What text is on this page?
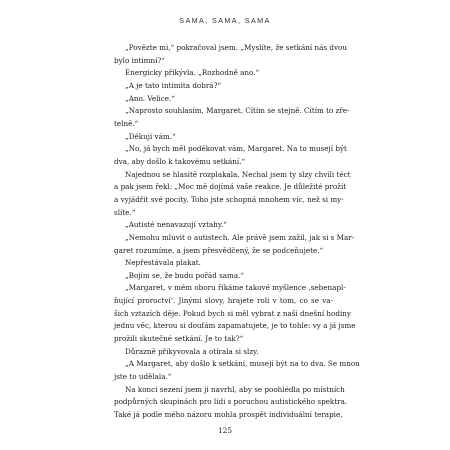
SAMA, SAMA, SAMA
„Povězte mi,“ pokračoval jsem. „Myslíte, že setkání nás dvou
bylo intimní?“
Energicky přikývla. „Rozhodně ano.“
„A je tato intimita dobrá?“
„Ano. Velice.“
„Naprosto souhlasím, Margaret. Cítím se stejně. Cítím to zře-
telně.“
„Děkuji vám.“
„No, já bych měl poděkovat vám, Margaret. Na to musejí být
dva, aby došlo k takovému setkání.“
Najednou se hlasitě rozplakala. Nechal jsem ty slzy chvíli téct
a pak jsem řekl: „Moc mě dojímá vaše reakce. Je důležité prožít
a vyjádřit své pocity. Toho jste schopná mnohem víc, než si my-
slíte.“
„Autisté nenavazují vztahy.“
„Nemohu mluvit o autistech. Ale právě jsem zažil, jak si s Mar-
garet rozumíme, a jsem přesvědčený, že se podceňujete.“
Nepřestávala plakat.
„Bojím se, že budu pořád sama.“
„Margaret, v mém oboru říkáme takové myšlence ‚sebenapl-
ňující proroctví‘. Jinými slovy, hrajete roli v tom, co se va-
šich vztazích děje. Pokud bych si měl vybrat z naší dnešní hodiny
jednu věc, kterou si doufám zapamatujete, je to tohle: vy a já jsme
prožili skutečné setkání. Je to tak?“
Důrazně přikyvovala a otírala si slzy.
„A Margaret, aby došlo k setkání, musejí být na to dva. Se mnou
jste to udělala.“
Na konci sezení jsem ji navrhl, aby se poohlédla po místních
podpůrných skupinách pro lidi s poruchou autistického spektra.
Také já podle mého názoru mohla prospět individuální terapie,
125
